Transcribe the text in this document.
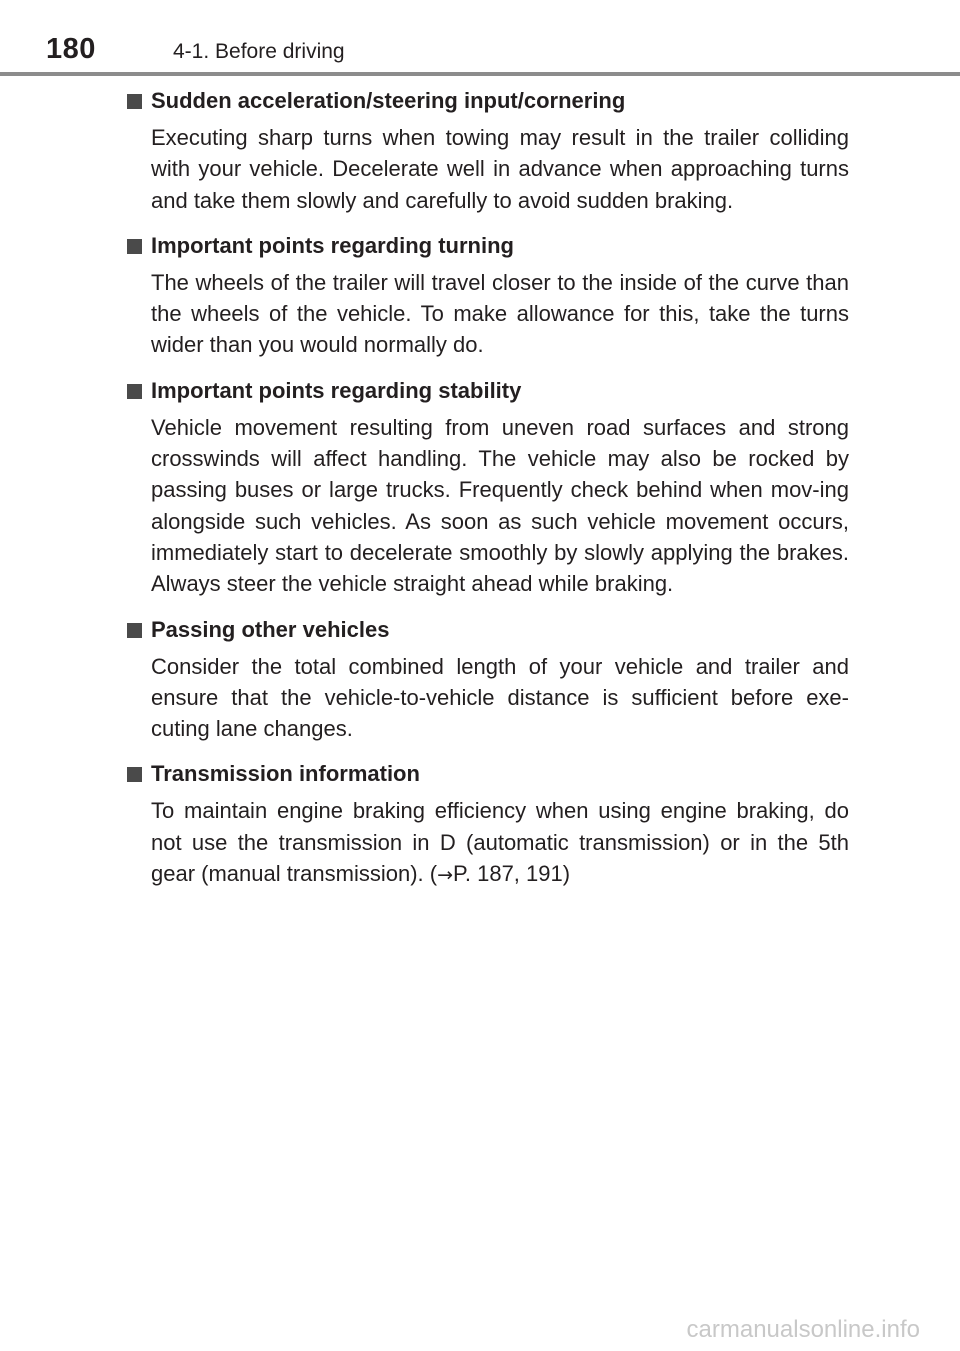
180	4-1. Before driving
Sudden acceleration/steering input/cornering
Executing sharp turns when towing may result in the trailer colliding with your vehicle. Decelerate well in advance when approaching turns and take them slowly and carefully to avoid sudden braking.
Important points regarding turning
The wheels of the trailer will travel closer to the inside of the curve than the wheels of the vehicle. To make allowance for this, take the turns wider than you would normally do.
Important points regarding stability
Vehicle movement resulting from uneven road surfaces and strong crosswinds will affect handling. The vehicle may also be rocked by passing buses or large trucks. Frequently check behind when mov-ing alongside such vehicles. As soon as such vehicle movement occurs, immediately start to decelerate smoothly by slowly applying the brakes. Always steer the vehicle straight ahead while braking.
Passing other vehicles
Consider the total combined length of your vehicle and trailer and ensure that the vehicle-to-vehicle distance is sufficient before exe-cuting lane changes.
Transmission information
To maintain engine braking efficiency when using engine braking, do not use the transmission in D (automatic transmission) or in the 5th gear (manual transmission). (→P. 187, 191)
carmanualsonline.info
